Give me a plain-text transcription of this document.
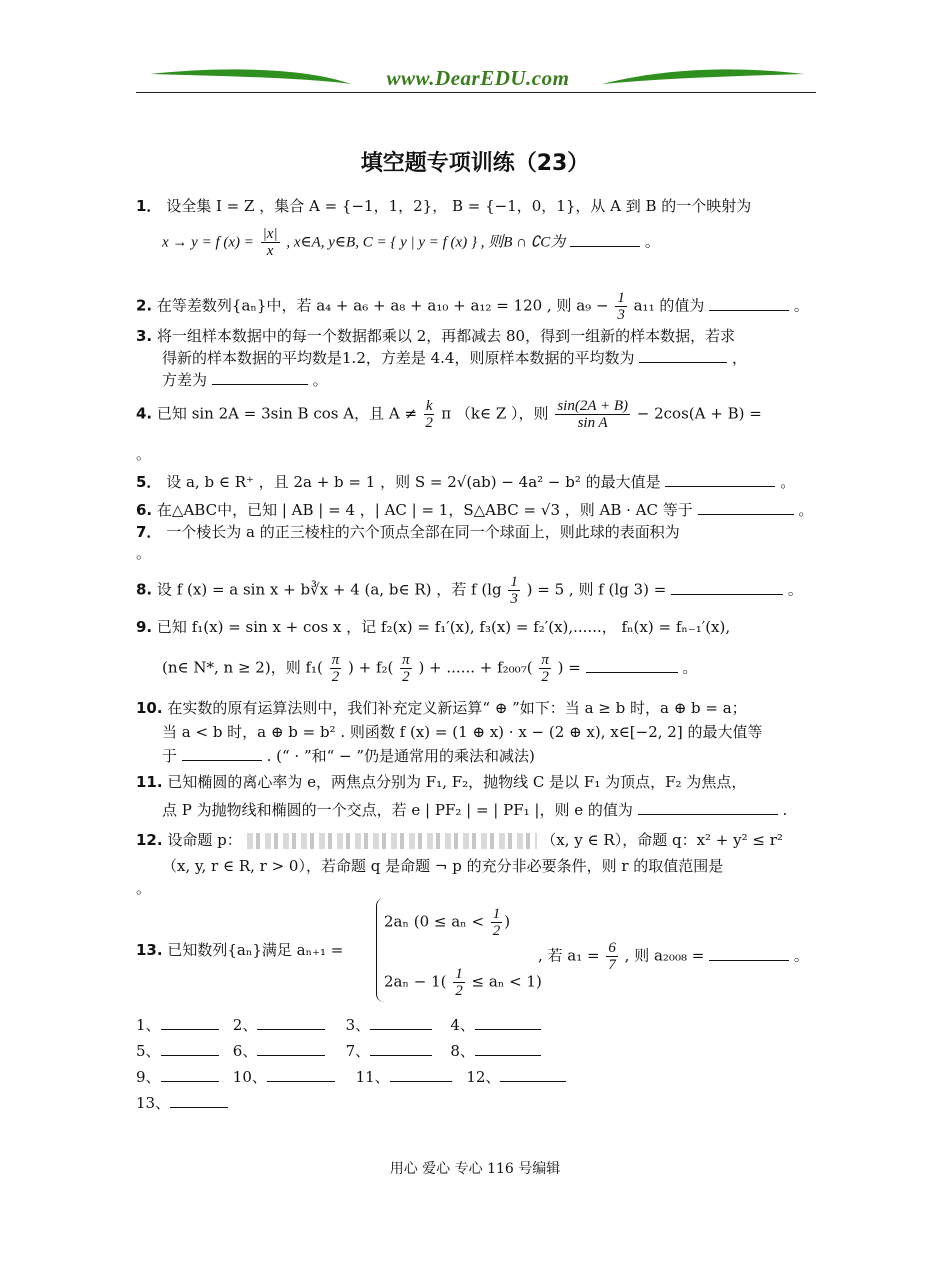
www.DearEDU.com
填空题专项训练（23）
1． 设全集 I = Z ，集合 A = {−1，1，2}， B = {−1，0，1}，从 A 到 B 的一个映射为
x → y = f $(x) = \frac{|x|}{x}$ , x∈A, y∈B, C = { y | y = f (x) } , 则B ∩ ∁C为	。
2. 在等差数列{aₙ}中，若 a₄ + a₆ + a₈ + a₁₀ + a₁₂ = 120 , 则 $a_9 - \frac{1}{3} a_{11}$ 的值为	。
3. 将一组样本数据中的每一个数据都乘以 2，再都减去 80，得到一组新的样本数据，若求
得新的样本数据的平均数是1.2，方差是 4.4，则原样本数据的平均数为	，
方差为	。
4. 已知 sin 2A = 3sin B cos A，且 $A \ne \frac{k}{2}$ π （k∈ Z ），则 $\frac{\sin(2A + B)}{\text{sin A}} - 2\cos(A + B)$ =
。
5． 设 a, b ∈ R⁺ ，且 2a + b = 1 ，则 S = 2√(ab) − 4a² − b² 的最大值是	。
6. 在△ABC中，已知 | AB | = 4 ，| AC | = 1，S△ABC = √3 ，则 AB · AC 等于	。
7． 一个棱长为 a 的正三棱柱的六个顶点全部在同一个球面上，则此球的表面积为
。
8. 设 f (x) = a sin x + b∛x + 4 (a, b∈ R) ，若 f ($\lg \frac{1}{3}$ ) = 5 , 则 f (lg 3) =	。
9. 已知 f₁(x) = sin x + cos x ，记 f₂(x) = f₁′(x), f₃(x) = f₂′(x),......， fₙ(x) = fₙ₋₁′(x),
(n∈ N*, n ≥ 2)，则 $f_1( \frac{\pi}{2}$ ) + $f_2( \frac{\pi}{2}$ ) + ...... + $f_{2007}( \frac{\pi}{2}$ ) =	。
10. 在实数的原有运算法则中，我们补充定义新运算“ ⊕ ”如下：当 a ≥ b 时，a ⊕ b = a；
当 a < b 时，a ⊕ b = b² . 则函数 f (x) = (1 ⊕ x) · x − (2 ⊕ x), x∈[−2, 2] 的最大值等
于	. (“ · ”和“ − ”仍是通常用的乘法和减法)
11. 已知椭圆的离心率为 e，两焦点分别为 F₁, F₂，抛物线 C 是以 F₁ 为顶点，F₂ 为焦点，
点 P 为抛物线和椭圆的一个交点，若 e | PF₂ | = | PF₁ |，则 e 的值为	.
12. 设命题 p：	（x, y ∈ R），命题 q：x² + y² ≤ r²
（x, y, r ∈ R, r > 0），若命题 q 是命题 ¬ p 的充分非必要条件，则 r 的取值范围是
。
13. 已知数列{aₙ}满足 aₙ₊₁ =
2aₙ ($0 \le a_n < \frac{1}{2}$ )
$2a_n - 1( \frac{1}{2} \le a_n < 1)$
, 若 $a_1 = \frac{6}{7}$ , 则 a₂₀₀₈ =	。
1、	2、	3、	4、
5、	6、	7、	8、
9、	10、	11、	12、
13、
用心 爱心 专心 116 号编辑
